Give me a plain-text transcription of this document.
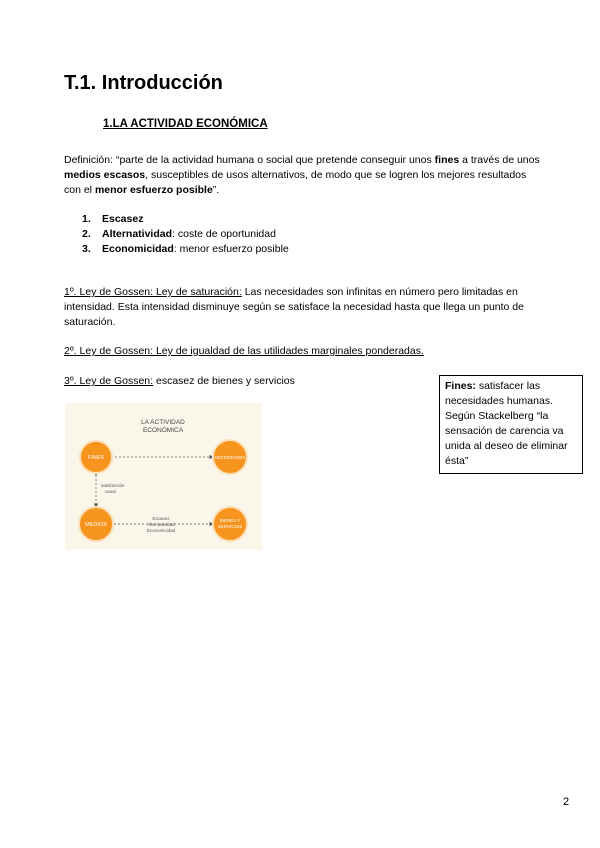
T.1. Introducción
1.LA ACTIVIDAD ECONÓMICA
Definición: “parte de la actividad humana o social que pretende conseguir unos fines a través de unos medios escasos, susceptibles de usos alternativos, de modo que se logren los mejores resultados con el menor esfuerzo posible”.
1. Escasez
2. Alternatividad: coste de oportunidad
3. Economicidad: menor esfuerzo posible
1º. Ley de Gossen: Ley de saturación: Las necesidades son infinitas en número pero limitadas en intensidad. Esta intensidad disminuye según se satisface la necesidad hasta que llega un punto de saturación.
2º. Ley de Gossen: Ley de igualdad de las utilidades marginales ponderadas.
3º. Ley de Gossen: escasez de bienes y servicios	Fines: satisfacer las necesidades humanas. Según Stackelberg “la sensación de carencia va unida al deseo de eliminar ésta”
LA ACTIVIDAD
ECONÓMICA
FINES	NECESIDADES
MEDIOS
BIENES Y
SERVICIOS
satisfacción
usual
Escasez
Alternatividad
Economicidad
2
